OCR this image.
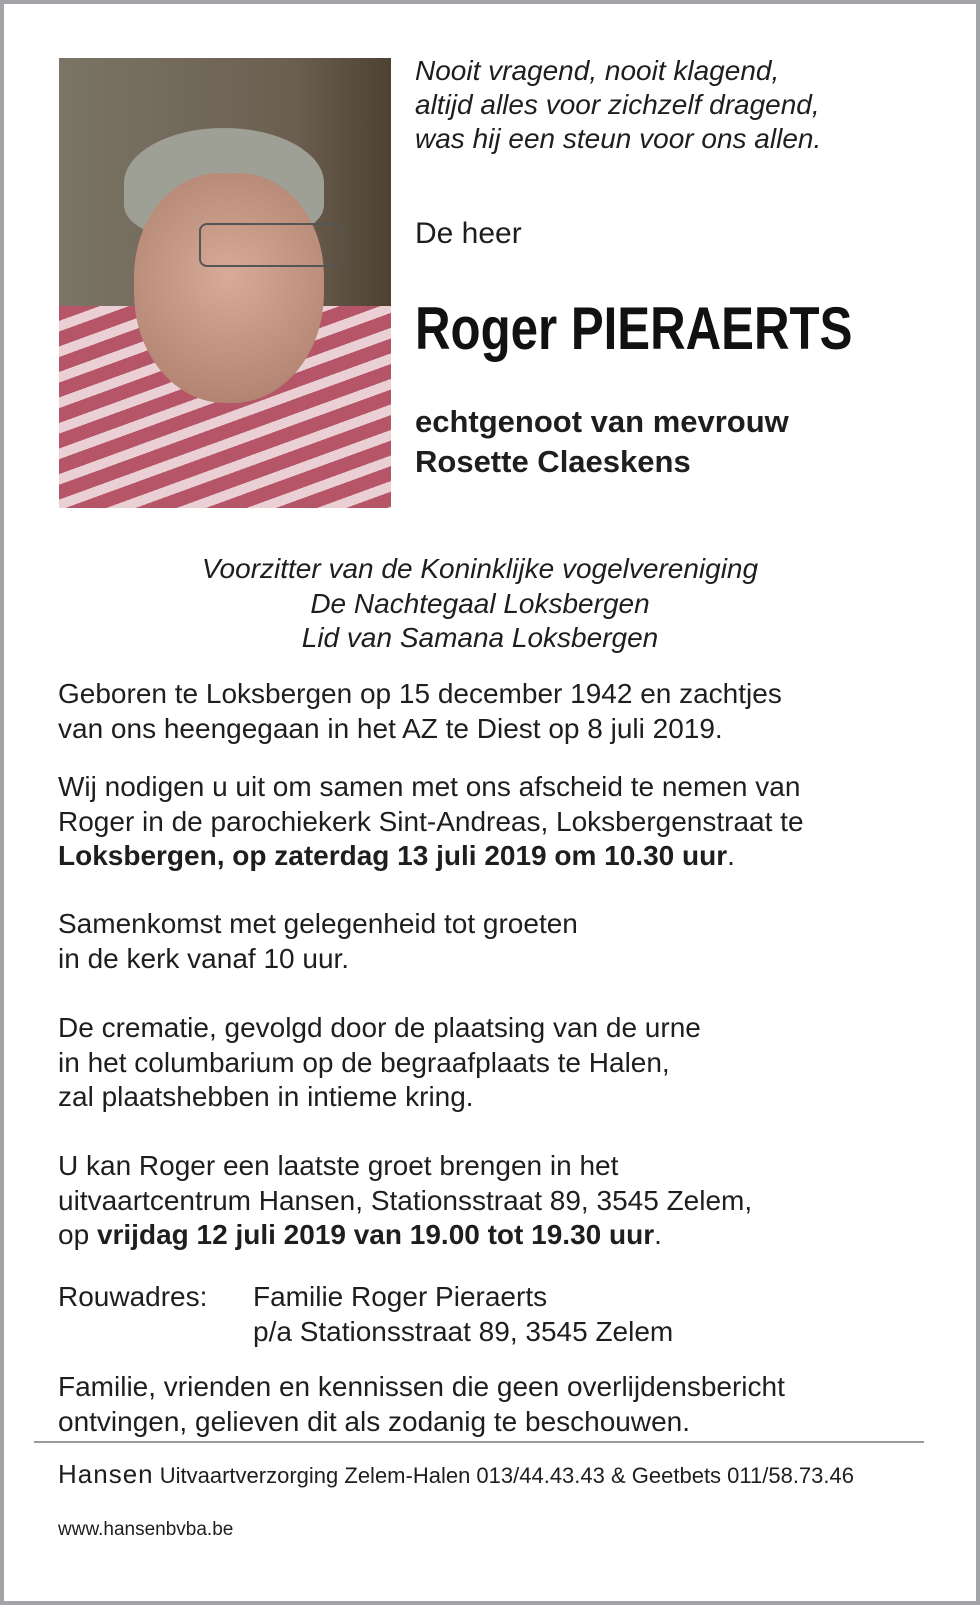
Nooit vragend, nooit klagend,
altijd alles voor zichzelf dragend,
was hij een steun voor ons allen.
De heer
Roger PIERAERTS
echtgenoot van mevrouw
Rosette Claeskens
Voorzitter van de Koninklijke vogelvereniging
De Nachtegaal Loksbergen
Lid van Samana Loksbergen
Geboren te Loksbergen op 15 december 1942 en zachtjes
van ons heengegaan in het AZ te Diest op 8 juli 2019.
Wij nodigen u uit om samen met ons afscheid te nemen van
Roger in de parochiekerk Sint-Andreas, Loksbergenstraat te
Loksbergen, op zaterdag 13 juli 2019 om 10.30 uur.
Samenkomst met gelegenheid tot groeten
in de kerk vanaf 10 uur.
De crematie, gevolgd door de plaatsing van de urne
in het columbarium op de begraafplaats te Halen,
zal plaatshebben in intieme kring.
U kan Roger een laatste groet brengen in het
uitvaartcentrum Hansen, Stationsstraat 89, 3545 Zelem,
op vrijdag 12 juli 2019 van 19.00 tot 19.30 uur.
Rouwadres:	Familie Roger Pieraerts
p/a Stationsstraat 89, 3545 Zelem
Familie, vrienden en kennissen die geen overlijdensbericht
ontvingen, gelieven dit als zodanig te beschouwen.
Hansen Uitvaartverzorging Zelem-Halen 013/44.43.43 & Geetbets 011/58.73.46
www.hansenbvba.be
